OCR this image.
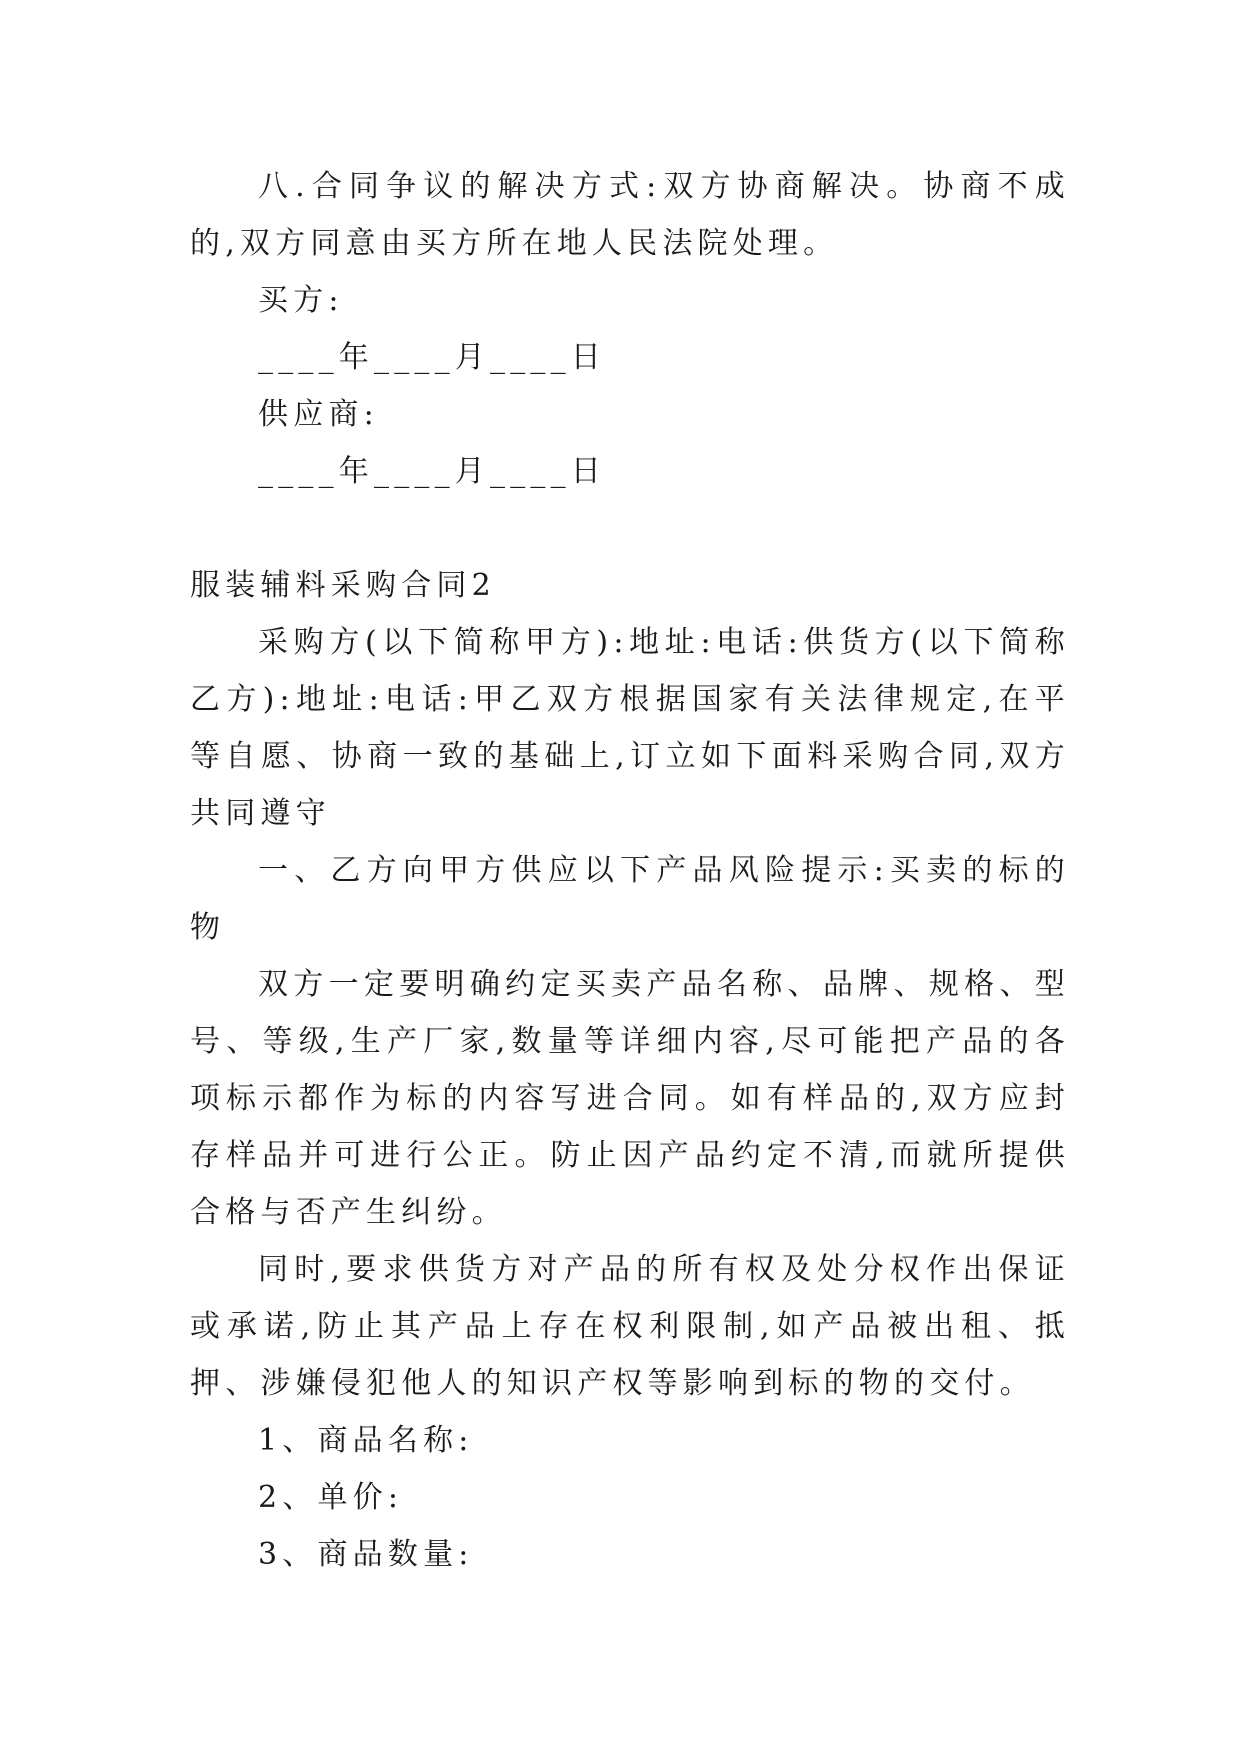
八.合同争议的解决方式:双方协商解决。协商不成的,双方同意由买方所在地人民法院处理。

买方:

____年____月____日

供应商:

____年____月____日

服装辅料采购合同2

采购方(以下简称甲方):地址:电话:供货方(以下简称乙方):地址:电话:甲乙双方根据国家有关法律规定,在平等自愿、协商一致的基础上,订立如下面料采购合同,双方共同遵守

一、乙方向甲方供应以下产品风险提示:买卖的标的物

双方一定要明确约定买卖产品名称、品牌、规格、型号、等级,生产厂家,数量等详细内容,尽可能把产品的各项标示都作为标的内容写进合同。如有样品的,双方应封存样品并可进行公正。防止因产品约定不清,而就所提供合格与否产生纠纷。

同时,要求供货方对产品的所有权及处分权作出保证或承诺,防止其产品上存在权利限制,如产品被出租、抵押、涉嫌侵犯他人的知识产权等影响到标的物的交付。

1、商品名称:

2、单价:

3、商品数量:
